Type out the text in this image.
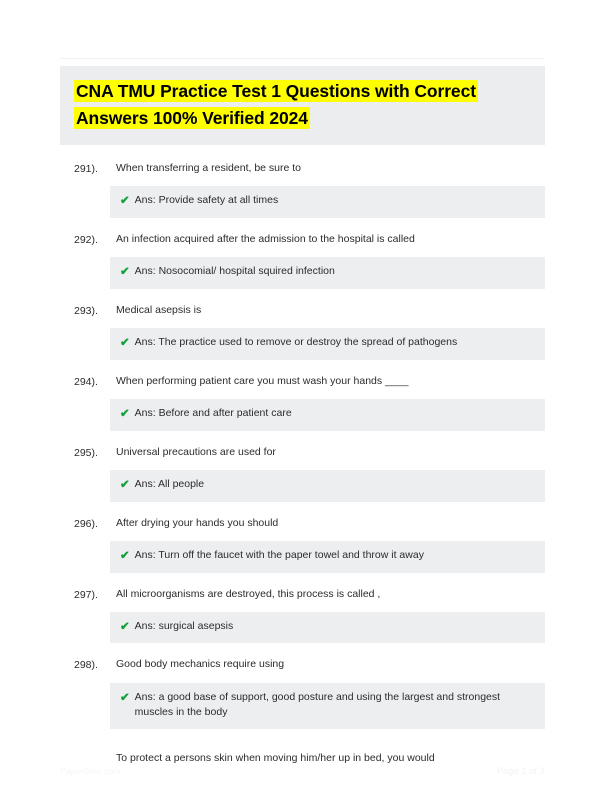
CNA TMU Practice Test 1 Questions with Correct Answers 100% Verified 2024
291).	When transferring a resident, be sure to
✔ Ans: Provide safety at all times
292).	An infection acquired after the admission to the hospital is called
✔ Ans: Nosocomial/ hospital squired infection
293).	Medical asepsis is
✔ Ans: The practice used to remove or destroy the spread of pathogens
294).	When performing patient care you must wash your hands ____
✔ Ans: Before and after patient care
295).	Universal precautions are used for
✔ Ans: All people
296).	After drying your hands you should
✔ Ans: Turn off the faucet with the paper towel and throw it away
297).	All microorganisms are destroyed, this process is called ,
✔ Ans: surgical asepsis
298).	Good body mechanics require using
✔ Ans: a good base of support, good posture and using the largest and strongest muscles in the body
To protect a persons skin when moving him/her up in bed, you would
PaperStoc.com	Page 1 of 3
